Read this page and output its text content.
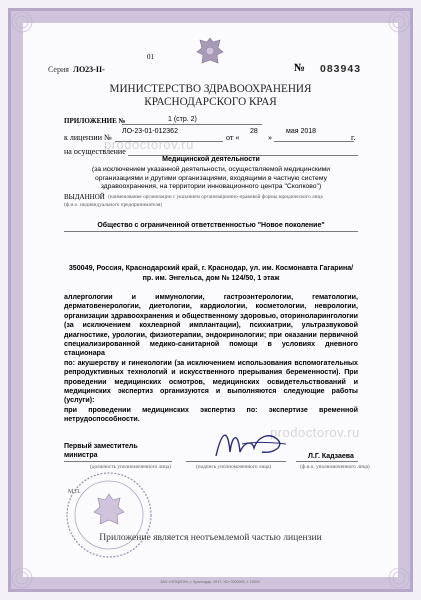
prodoctorov.ru
prodoctorov.ru
01
Серия ЛО23-II-	№ 083943
МИНИСТЕРСТВО ЗДРАВООХРАНЕНИЯ
КРАСНОДАРСКОГО КРАЯ
ПРИЛОЖЕНИЕ №	1 (стр. 2)
к лицензии №
ЛО-23-01-012362
от «
28
»
мая 2018
г.
на осуществление
Медицинской деятельности
(за исключением указанной деятельности, осуществляемой медицинскими организациями и другими организациями, входящими в частную систему здравоохранения, на территории инновационного центра "Сколково")
ВЫДАННОЙ (наименование организации с указанием организационно-правовой формы юридического лица
(ф.и.о. индивидуального предпринимателя)
Общество с ограниченной ответственностью "Новое поколение"
350049, Россия, Краснодарский край, г. Краснодар, ул. им. Космонавта Гагарина/
пр. им. Энгельса, дом № 124/50, 1 этаж
аллергологии и иммунологии, гастроэнтерологии, гематологии,
дерматовенерологии, диетологии, кардиологии, косметологии, неврологии,
организации здравоохранения и общественному здоровью, оториноларингологии
(за исключением кохлеарной имплантации), психиатрии, ультразвуковой
диагностике, урологии, физиотерапии, эндокринологии; при оказании первичной
специализированной медико-санитарной помощи в условиях дневного стационара
по: акушерству и гинекологии (за исключением использования вспомогательных
репродуктивных технологий и искусственного прерывания беременности). При
проведении медицинских осмотров, медицинских освидетельствований и
медицинских экспертиз организуются и выполняются следующие работы (услуги):
при проведении медицинских экспертиз по: экспертизе временной
нетрудоспособности.
Первый заместитель
министра	Л.Г. Кадзаева
(должность уполномоченного лица)	(подпись уполномоченного лица)	(ф.и.о. уполномоченного лица)
М.П.
Приложение является неотъемлемой частью лицензии
ЗАО «ОПЦИОН», г. Краснодар, 2017, «Б» 0000000, т. 10000.
